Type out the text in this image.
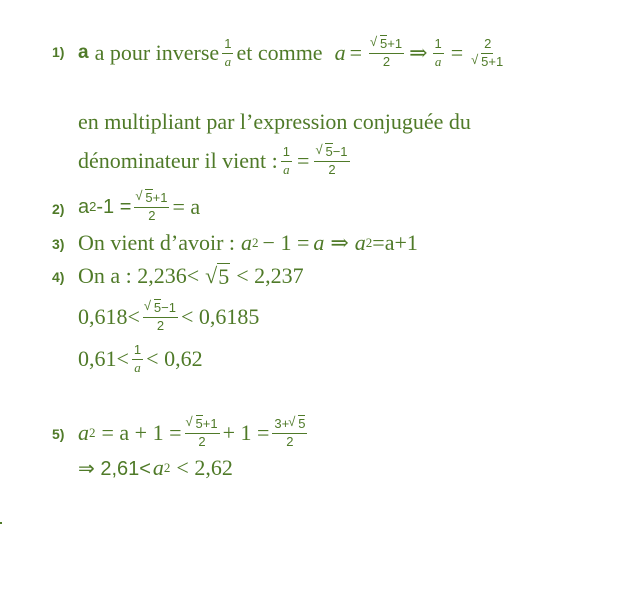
1) a a pour inverse $\frac{1}{a}$ et comme a = √ $\frac{5+1}{2}$ ⇒ $\frac{1}{a} = 2$
√ 5+1
en multipliant par l’expression conjuguée du
dénominateur il vient : $\frac{1}{a}$ = √ $\frac{5-1}{2}$
2) a 2 -1 = √ $\frac{5+1}{2} = a$
3) On vient d’avoir : a 2 − 1 = a ⇒ a 2 =a+1
4) On a : 2,236< √ 5 < 2,237
0,618< √ $\frac{5-1}{2} < 0,6185$
$0,61< \frac{1}{a} < 0,62$
5) a 2 = a + 1 = √ $\frac{5+1}{2} + 1 = \frac{3+ √ 5}{2}$
⇒ 2,61< a 2 < 2,62
